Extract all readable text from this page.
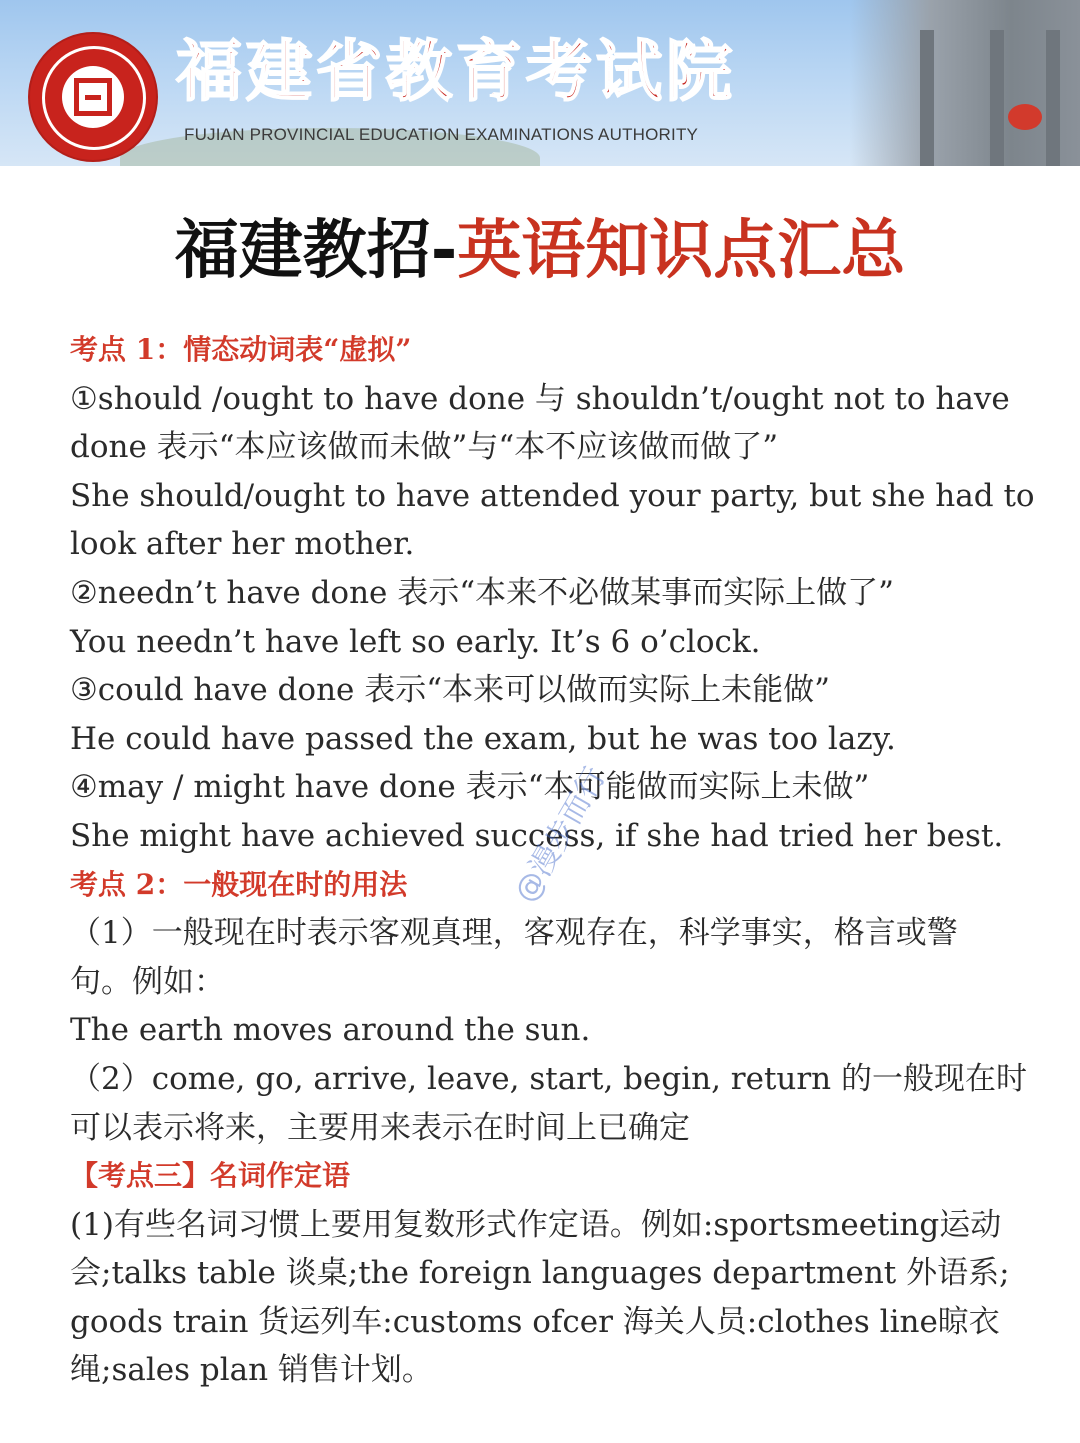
福建省教育考试院
FUJIAN PROVINCIAL EDUCATION EXAMINATIONS AUTHORITY
福建教招-英语知识点汇总
考点 1：情态动词表“虚拟”
①should /ought to have done 与 shouldn’t/ought not to have
done 表示“本应该做而未做”与“本不应该做而做了”
She should/ought to have attended your party, but she had to
look after her mother.
②needn’t have done 表示“本来不必做某事而实际上做了”
You needn’t have left so early. It’s 6 o’clock.
③could have done 表示“本来可以做而实际上未能做”
He could have passed the exam, but he was too lazy.
④may / might have done 表示“本可能做而实际上未做”
She might have achieved success, if she had tried her best.
考点 2：一般现在时的用法
（1）一般现在时表示客观真理，客观存在，科学事实，格言或警
句。例如：
The earth moves around the sun.
（2）come, go, arrive, leave, start, begin, return 的一般现在时
可以表示将来，主要用来表示在时间上已确定
【考点三】名词作定语
(1)有些名词习惯上要用复数形式作定语。例如:sportsmeeting运动
会;talks table 谈桌;the foreign languages department 外语系;
goods train 货运列车:customs ofcer 海关人员:clothes line晾衣
绳;sales plan 销售计划。
@漫步而行
